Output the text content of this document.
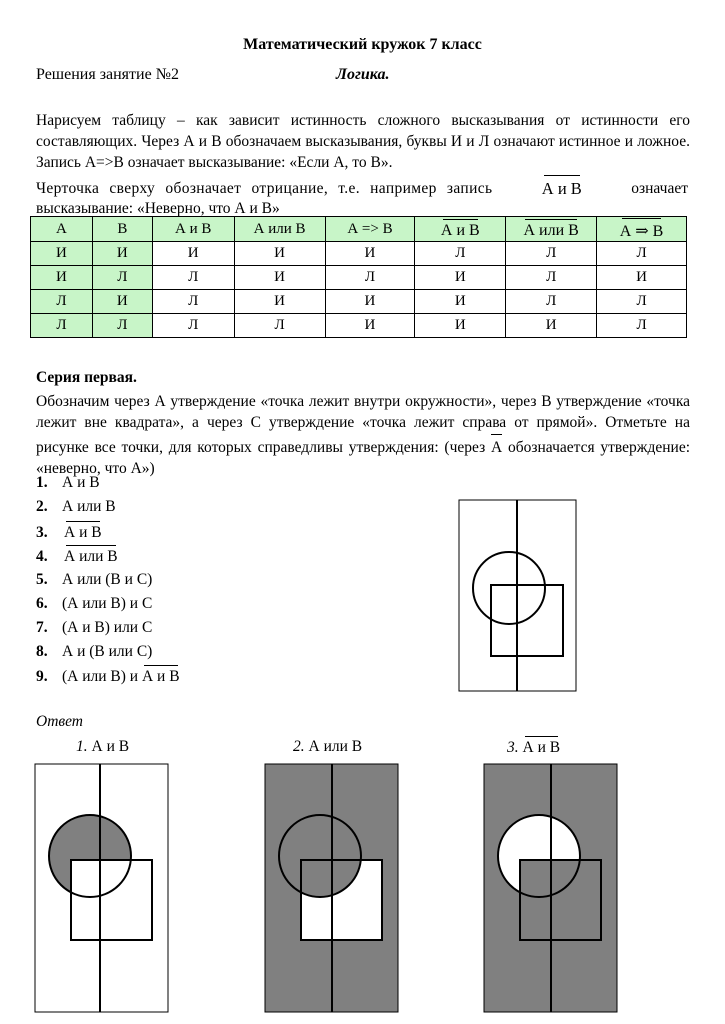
Математический кружок 7 класс
Решения занятие №2	Логика.

Нарисуем таблицу – как зависит истинность сложного высказывания от истинности его составляющих. Через А и В обозначаем высказывания, буквы И и Л означают истинное и ложное. Запись А=>В означает высказывание: «Если А, то В».

Черточка сверху обозначает отрицание, т.е. например запись	А и В	означает
высказывание: «Неверно, что А и В»
А	В	А и В	А или В	А => В	А и В	А или В	А ⇒ В
И	И	И	И	И	Л	Л	Л
И	Л	Л	И	Л	И	Л	И
Л	И	Л	И	И	И	Л	Л
Л	Л	Л	Л	И	И	И	Л
Серия первая.
Обозначим через А утверждение «точка лежит внутри окружности», через В утверждение «точка лежит вне квадрата», а через С утверждение «точка лежит справа от прямой». Отметьте на рисунке все точки, для которых справедливы утверждения: (через А обозначается утверждение: «неверно, что А»)
1. А и В
2. А или В
3. А и В
4. А или В
5. А или (В и С)
6. (А или В) и С
7. (А и В) или С
8. А и (В или С)
9. (А или В) и А и В
Ответ
1. А и В	2. А или В	3. А и В
